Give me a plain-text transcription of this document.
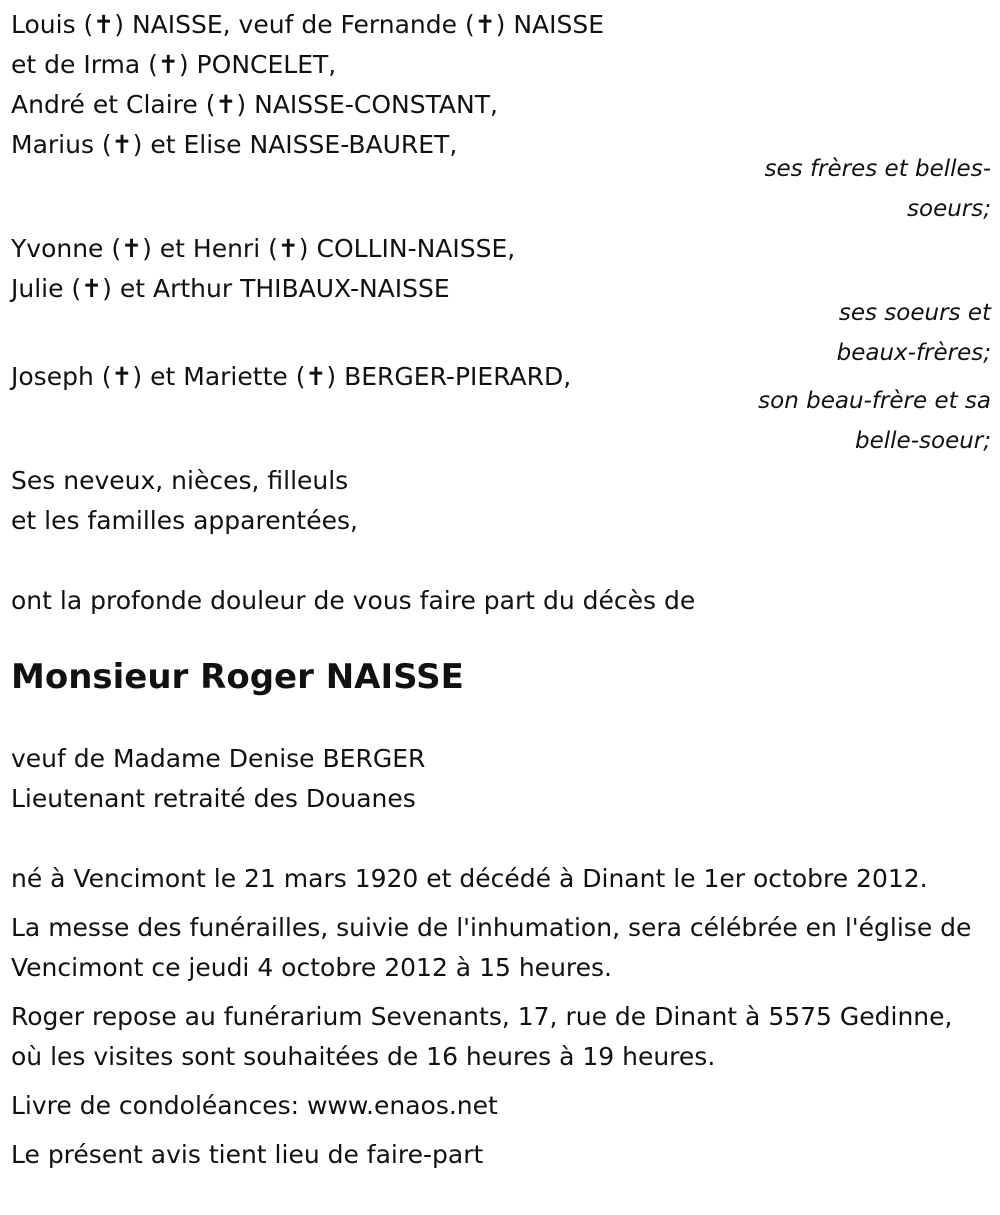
Louis (✝) NAISSE, veuf de Fernande (✝) NAISSE

et de Irma (✝) PONCELET,

André et Claire (✝) NAISSE-CONSTANT,

Marius (✝) et Elise NAISSE-BAURET,

ses frères et belles-

soeurs;

Yvonne (✝) et Henri (✝) COLLIN-NAISSE,

Julie (✝) et Arthur THIBAUX-NAISSE

ses soeurs et

beaux-frères;

Joseph (✝) et Mariette (✝) BERGER-PIERARD,

son beau-frère et sa

belle-soeur;

Ses neveux, nièces, filleuls

et les familles apparentées,

ont la profonde douleur de vous faire part du décès de

Monsieur Roger NAISSE

veuf de Madame Denise BERGER

Lieutenant retraité des Douanes

né à Vencimont le 21 mars 1920 et décédé à Dinant le 1er octobre 2012.

La messe des funérailles, suivie de l'inhumation, sera célébrée en l'église de Vencimont ce jeudi 4 octobre 2012 à 15 heures.

Roger repose au funérarium Sevenants, 17, rue de Dinant à 5575 Gedinne, où les visites sont souhaitées de 16 heures à 19 heures.

Livre de condoléances: www.enaos.net

Le présent avis tient lieu de faire-part
